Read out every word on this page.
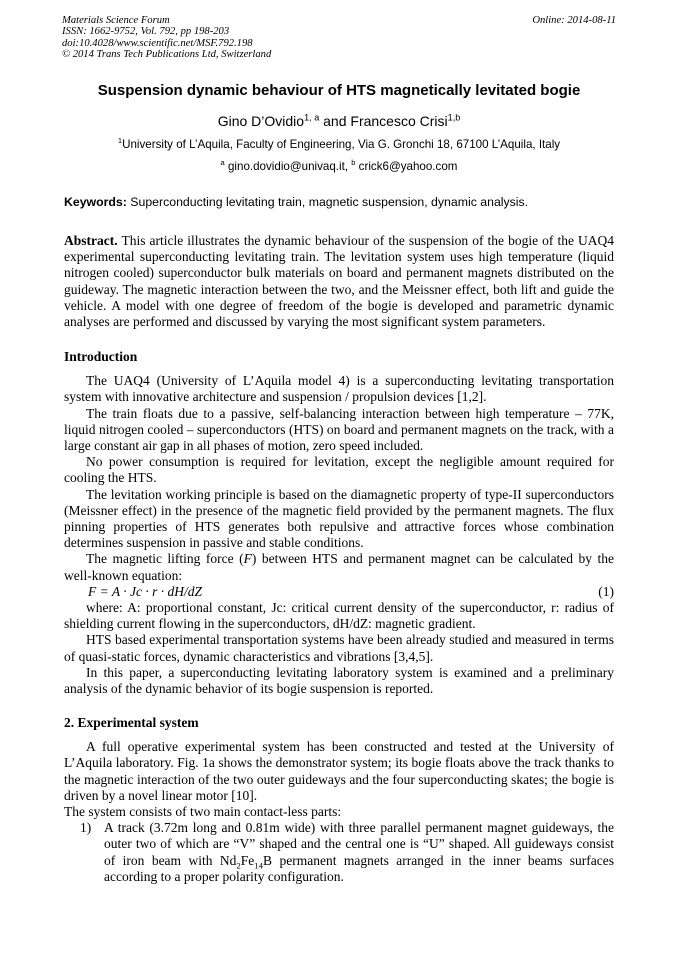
Materials Science Forum
ISSN: 1662-9752, Vol. 792, pp 198-203
doi:10.4028/www.scientific.net/MSF.792.198
© 2014 Trans Tech Publications Ltd, Switzerland
Online: 2014-08-11
Suspension dynamic behaviour of HTS magnetically levitated bogie
Gino D’Ovidio$^{1, a}$ and Francesco Crisi$^{1,b}$
$^1$University of L’Aquila, Faculty of Engineering, Via G. Gronchi 18, 67100 L’Aquila, Italy
$^a$ gino.dovidio@univaq.it, $^b$ crick6@yahoo.com
Keywords: Superconducting levitating train, magnetic suspension, dynamic analysis.
Abstract. This article illustrates the dynamic behaviour of the suspension of the bogie of the UAQ4 experimental superconducting levitating train. The levitation system uses high temperature (liquid nitrogen cooled) superconductor bulk materials on board and permanent magnets distributed on the guideway. The magnetic interaction between the two, and the Meissner effect, both lift and guide the vehicle. A model with one degree of freedom of the bogie is developed and parametric dynamic analyses are performed and discussed by varying the most significant system parameters.

Introduction

The UAQ4 (University of L’Aquila model 4) is a superconducting levitating transportation system with innovative architecture and suspension / propulsion devices [1,2].

The train floats due to a passive, self-balancing interaction between high temperature – 77K, liquid nitrogen cooled – superconductors (HTS) on board and permanent magnets on the track, with a large constant air gap in all phases of motion, zero speed included.

No power consumption is required for levitation, except the negligible amount required for cooling the HTS.

The levitation working principle is based on the diamagnetic property of type-II superconductors (Meissner effect) in the presence of the magnetic field provided by the permanent magnets. The flux pinning properties of HTS generates both repulsive and attractive forces whose combination determines suspension in passive and stable conditions.

The magnetic lifting force (F) between HTS and permanent magnet can be calculated by the well-known equation:

F = A · Jc · r · dH/dZ	(1)

where: A: proportional constant, Jc: critical current density of the superconductor, r: radius of shielding current flowing in the superconductors, dH/dZ: magnetic gradient.

HTS based experimental transportation systems have been already studied and measured in terms of quasi-static forces, dynamic characteristics and vibrations [3,4,5].

In this paper, a superconducting levitating laboratory system is examined and a preliminary analysis of the dynamic behavior of its bogie suspension is reported.

2. Experimental system

A full operative experimental system has been constructed and tested at the University of L’Aquila laboratory. Fig. 1a shows the demonstrator system; its bogie floats above the track thanks to the magnetic interaction of the two outer guideways and the four superconducting skates; the bogie is driven by a novel linear motor [10].

The system consists of two main contact-less parts:

1) A track (3.72m long and 0.81m wide) with three parallel permanent magnet guideways, the outer two of which are “V” shaped and the central one is “U” shaped. All guideways consist of iron beam with $Nd_2Fe_{14}B$ permanent magnets arranged in the inner beams surfaces according to a proper polarity configuration.
